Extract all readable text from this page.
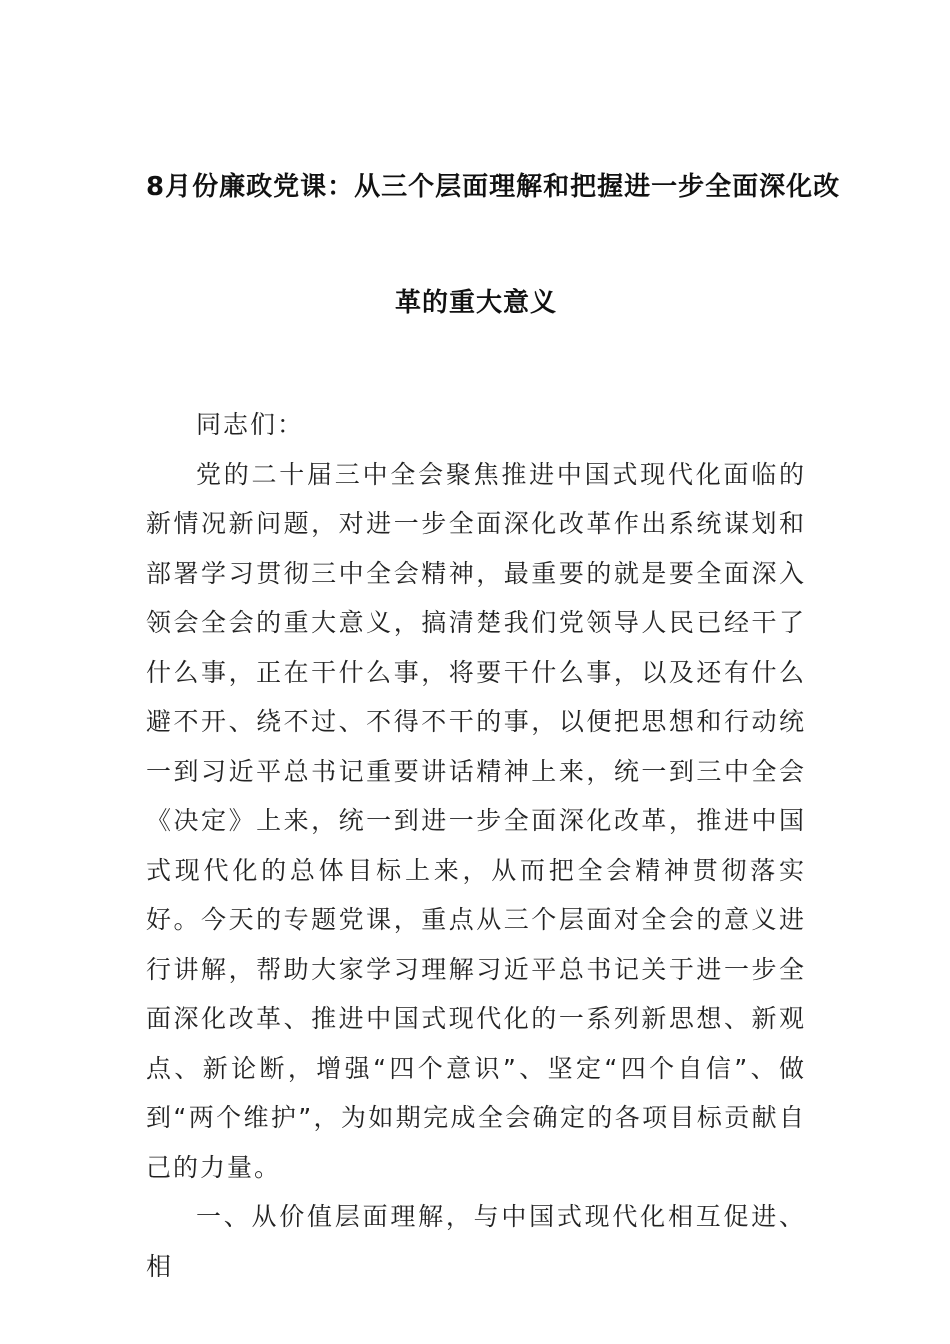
8月份廉政党课：从三个层面理解和把握进一步全面深化改
革的重大意义

同志们：

党的二十届三中全会聚焦推进中国式现代化面临的新情况新问题，对进一步全面深化改革作出系统谋划和部署学习贯彻三中全会精神，最重要的就是要全面深入领会全会的重大意义，搞清楚我们党领导人民已经干了什么事，正在干什么事，将要干什么事，以及还有什么避不开、绕不过、不得不干的事，以便把思想和行动统一到习近平总书记重要讲话精神上来，统一到三中全会《决定》上来，统一到进一步全面深化改革，推进中国式现代化的总体目标上来，从而把全会精神贯彻落实好。今天的专题党课，重点从三个层面对全会的意义进行讲解，帮助大家学习理解习近平总书记关于进一步全面深化改革、推进中国式现代化的一系列新思想、新观点、新论断，增强“四个意识”、坚定“四个自信”、做到“两个维护”，为如期完成全会确定的各项目标贡献自己的力量。

一、从价值层面理解，与中国式现代化相互促进、相
